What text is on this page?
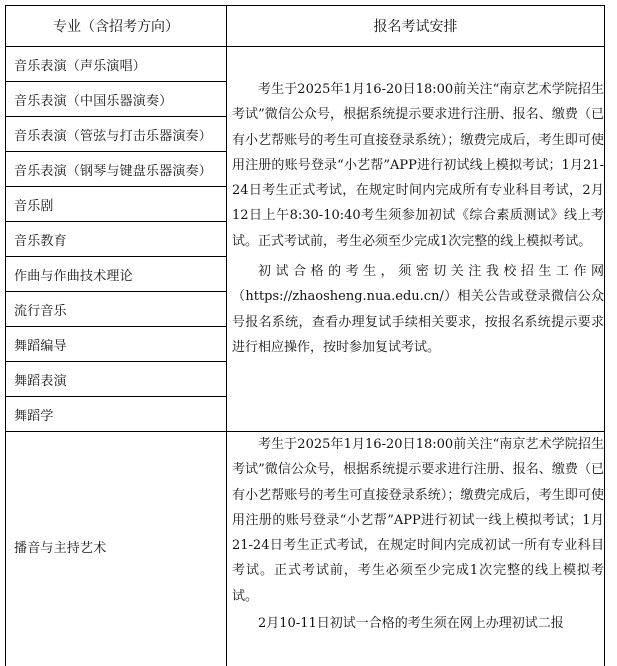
专业（含招考方向）	报名考试安排
音乐表演（声乐演唱）
音乐表演（中国乐器演奏）
音乐表演（管弦与打击乐器演奏）
音乐表演（钢琴与键盘乐器演奏）
音乐剧
音乐教育
作曲与作曲技术理论
流行音乐
舞蹈编导
舞蹈表演
舞蹈学

考生于2025年1月16-20日18:00前关注“南京艺术学院招生考试”微信公众号，根据系统提示要求进行注册、报名、缴费（已有小艺帮账号的考生可直接登录系统）；缴费完成后，考生即可使用注册的账号登录“小艺帮”APP进行初试线上模拟考试；1月21-24日考生正式考试，在规定时间内完成所有专业科目考试，2月12日上午8:30-10:40考生须参加初试《综合素质测试》线上考试。正式考试前，考生必须至少完成1次完整的线上模拟考试。

初试合格的考生，须密切关注我校招生工作网（https://zhaosheng.nua.edu.cn/）相关公告或登录微信公众号报名系统，查看办理复试手续相关要求，按报名系统提示要求进行相应操作，按时参加复试考试。

播音与主持艺术

考生于2025年1月16-20日18:00前关注“南京艺术学院招生考试”微信公众号，根据系统提示要求进行注册、报名、缴费（已有小艺帮账号的考生可直接登录系统）；缴费完成后，考生即可使用注册的账号登录“小艺帮”APP进行初试一线上模拟考试；1月21-24日考生正式考试，在规定时间内完成初试一所有专业科目考试。正式考试前，考生必须至少完成1次完整的线上模拟考试。

2月10-11日初试一合格的考生须在网上办理初试二报
